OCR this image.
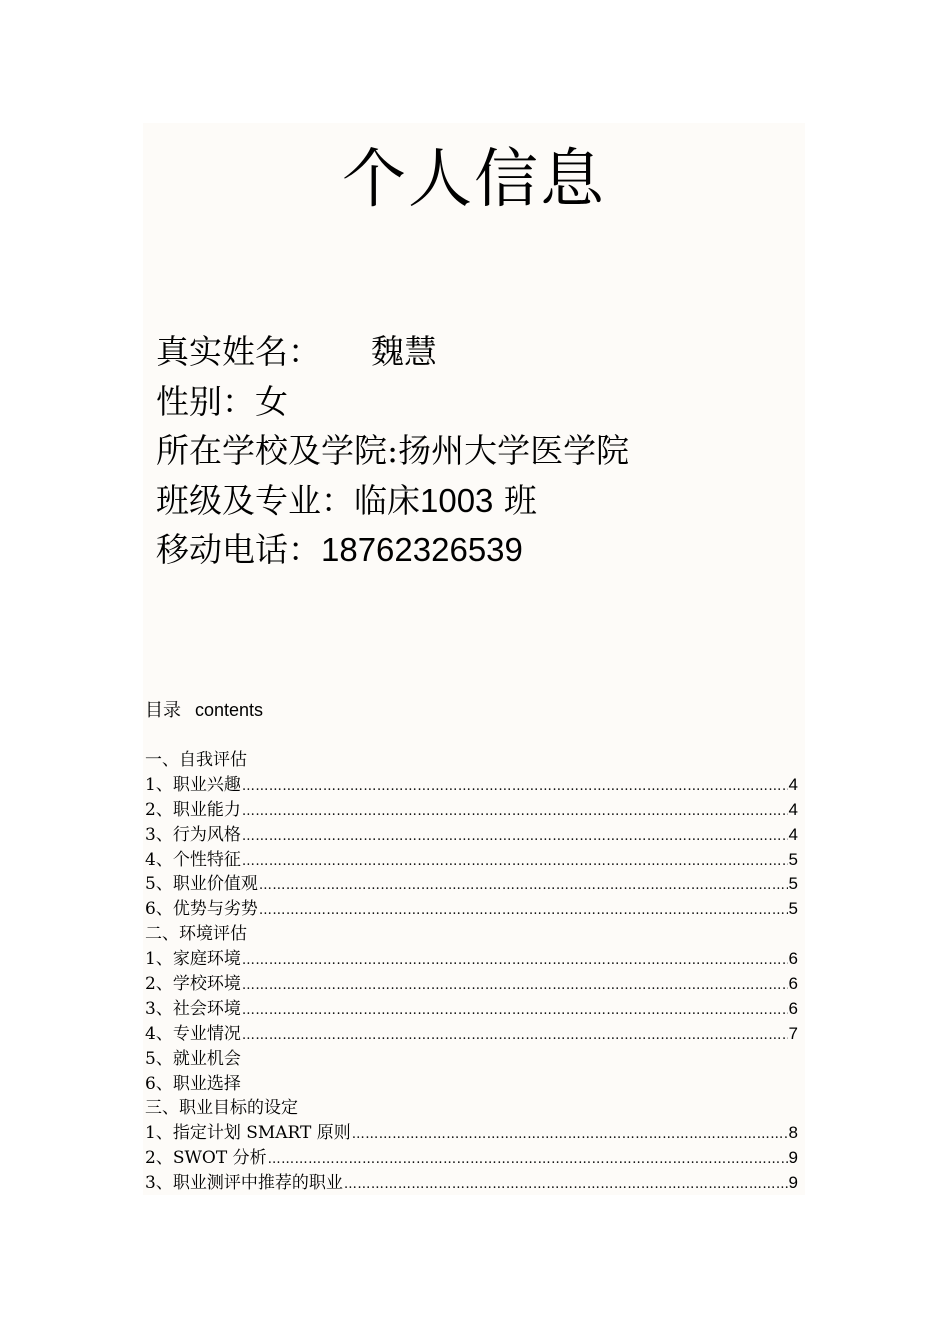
个人信息
真实姓名： 魏慧
性别：女
所在学校及学院:扬州大学医学院
班级及专业：临床1003 班
移动电话：18762326539
目录 contents
一、自我评估
1、职业兴趣 ……………………………………………………………………………………………………………………………………………………………………	4
2、职业能力 ……………………………………………………………………………………………………………………………………………………………………	4
3、行为风格 ……………………………………………………………………………………………………………………………………………………………………	4
4、个性特征 ……………………………………………………………………………………………………………………………………………………………………	5
5、职业价值观 ……………………………………………………………………………………………………………………………………………………………………	5
6、优势与劣势 ……………………………………………………………………………………………………………………………………………………………………	5
二、环境评估
1、家庭环境 ……………………………………………………………………………………………………………………………………………………………………	6
2、学校环境 ……………………………………………………………………………………………………………………………………………………………………	6
3、社会环境 ……………………………………………………………………………………………………………………………………………………………………	6
4、专业情况 ……………………………………………………………………………………………………………………………………………………………………	7
5、就业机会
6、职业选择
三、职业目标的设定
1、指定计划 SMART 原则 ……………………………………………………………………………………………………………………………………………………………………	8
2、SWOT 分析 ……………………………………………………………………………………………………………………………………………………………………	9
3、职业测评中推荐的职业 ……………………………………………………………………………………………………………………………………………………………………	9
